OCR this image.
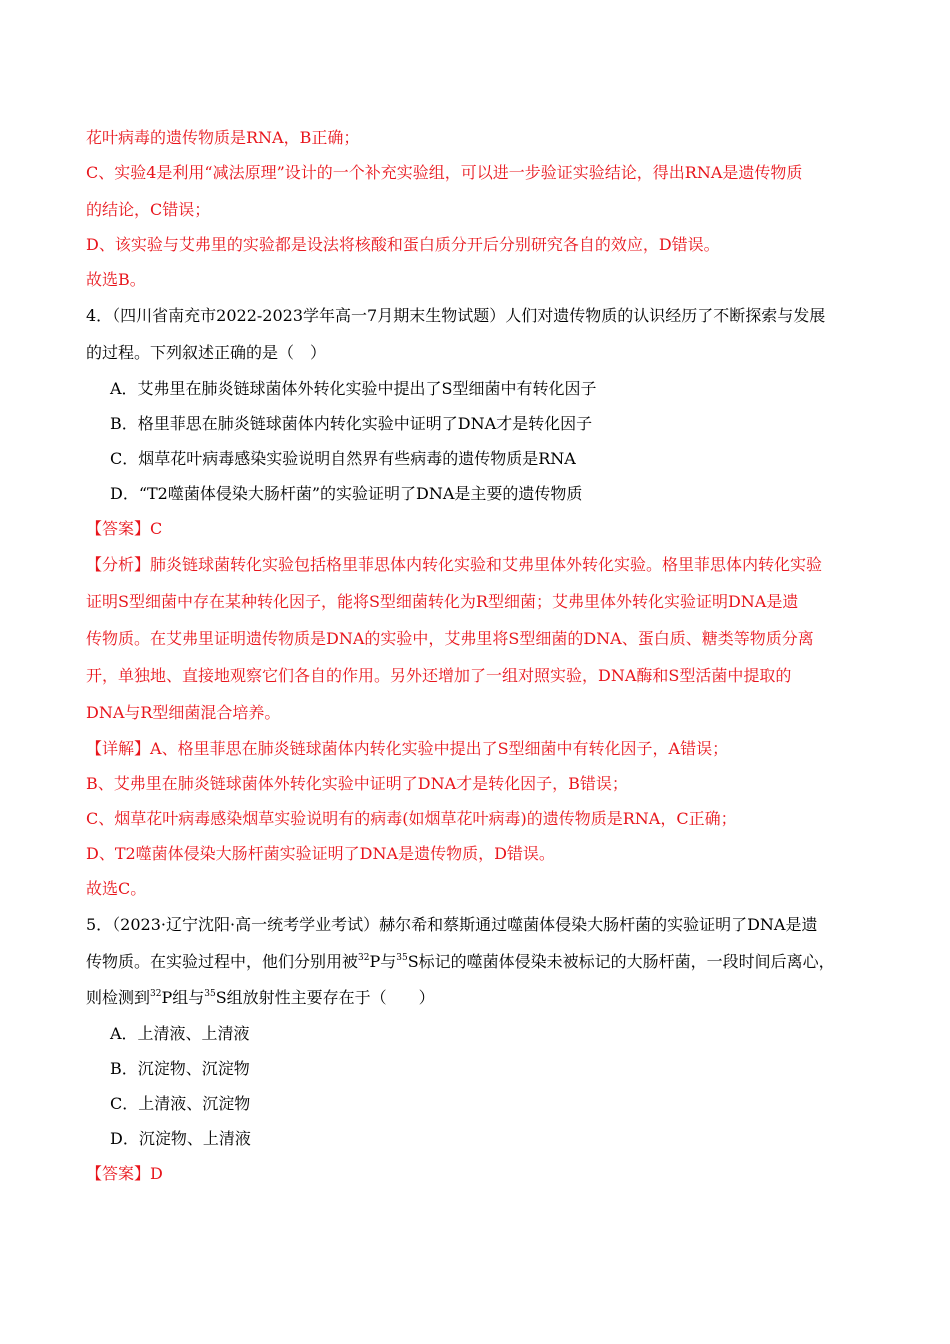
花叶病毒的遗传物质是RNA，B正确；
C、实验4是利用“减法原理”设计的一个补充实验组，可以进一步验证实验结论，得出RNA是遗传物质
的结论，C错误；
D、该实验与艾弗里的实验都是设法将核酸和蛋白质分开后分别研究各自的效应，D错误。
故选B。
4．（四川省南充市2022-2023学年高一7月期末生物试题）人们对遗传物质的认识经历了不断探索与发展
的过程。下列叙述正确的是（　）
A．艾弗里在肺炎链球菌体外转化实验中提出了S型细菌中有转化因子
B．格里菲思在肺炎链球菌体内转化实验中证明了DNA才是转化因子
C．烟草花叶病毒感染实验说明自然界有些病毒的遗传物质是RNA
D．“T2噬菌体侵染大肠杆菌”的实验证明了DNA是主要的遗传物质
【答案】C
【分析】肺炎链球菌转化实验包括格里菲思体内转化实验和艾弗里体外转化实验。格里菲思体内转化实验
证明S型细菌中存在某种转化因子，能将S型细菌转化为R型细菌；艾弗里体外转化实验证明DNA是遗
传物质。在艾弗里证明遗传物质是DNA的实验中，艾弗里将S型细菌的DNA、蛋白质、糖类等物质分离
开，单独地、直接地观察它们各自的作用。另外还增加了一组对照实验，DNA酶和S型活菌中提取的
DNA与R型细菌混合培养。
【详解】A、格里菲思在肺炎链球菌体内转化实验中提出了S型细菌中有转化因子，A错误；
B、艾弗里在肺炎链球菌体外转化实验中证明了DNA才是转化因子，B错误；
C、烟草花叶病毒感染烟草实验说明有的病毒(如烟草花叶病毒)的遗传物质是RNA，C正确；
D、T2噬菌体侵染大肠杆菌实验证明了DNA是遗传物质，D错误。
故选C。
5．（2023·辽宁沈阳·高一统考学业考试）赫尔希和蔡斯通过噬菌体侵染大肠杆菌的实验证明了DNA是遗
传物质。在实验过程中，他们分别用被$^{32}$P与$^{35}$S标记的噬菌体侵染未被标记的大肠杆菌，一段时间后离心，
则检测到$^{32}$P组与$^{35}$S组放射性主要存在于（　　）
A．上清液、上清液
B．沉淀物、沉淀物
C．上清液、沉淀物
D．沉淀物、上清液
【答案】D
